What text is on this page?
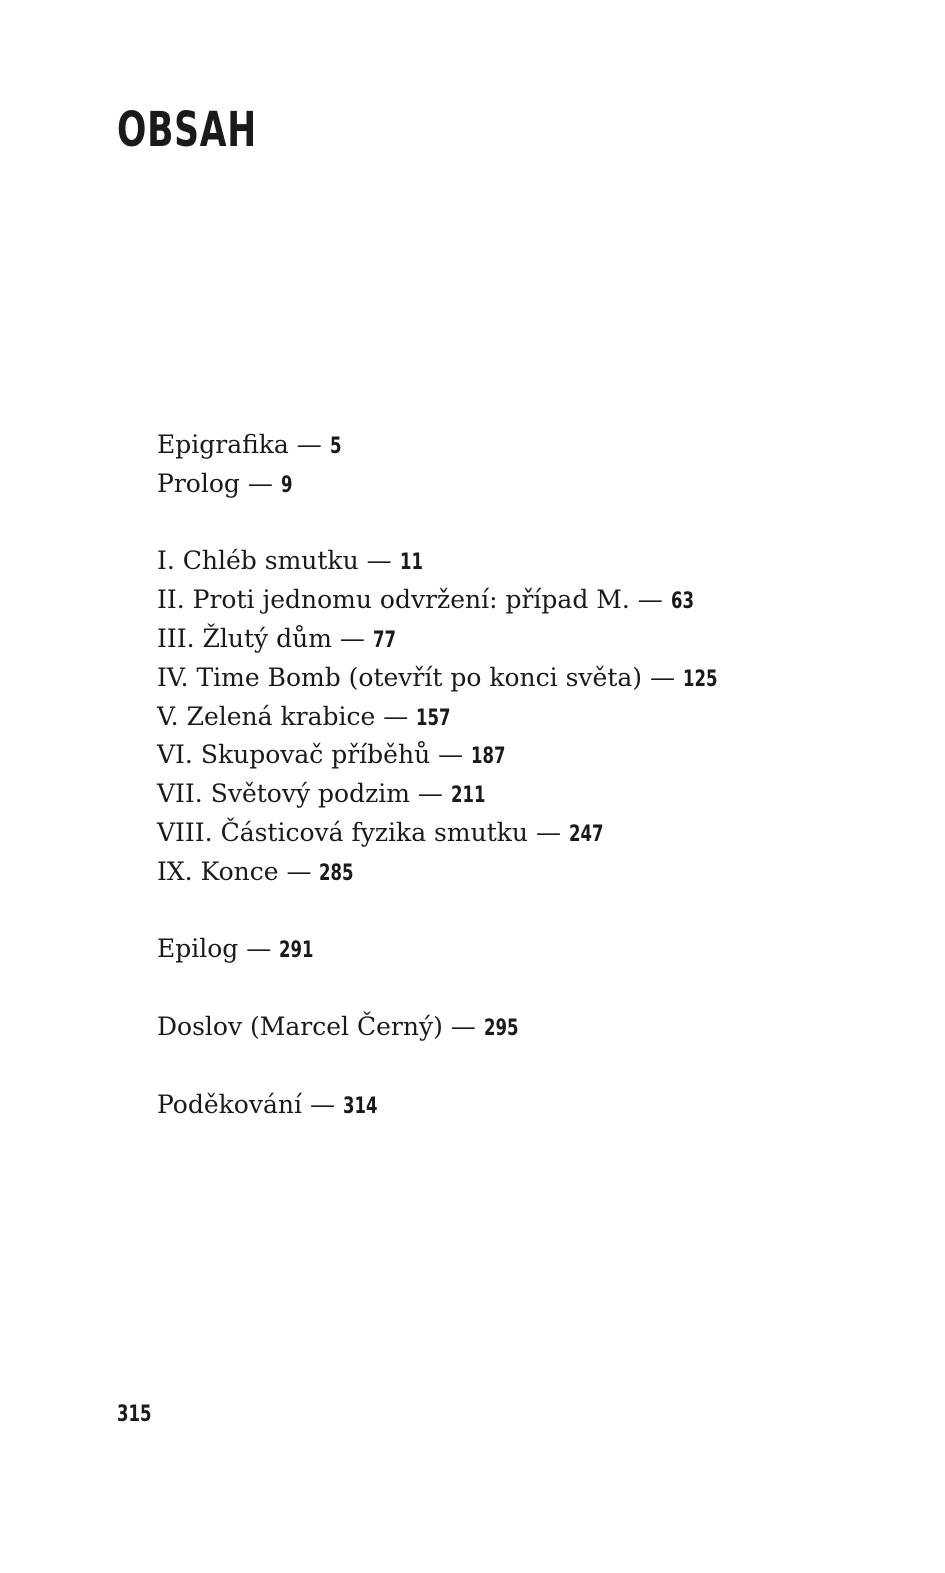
OBSAH
Epigrafika — 5
Prolog — 9
I. Chléb smutku — 11
II. Proti jednomu odvržení: případ M. — 63
III. Žlutý dům — 77
IV. Time Bomb (otevřít po konci světa) — 125
V. Zelená krabice — 157
VI. Skupovač příběhů — 187
VII. Světový podzim — 211
VIII. Částicová fyzika smutku — 247
IX. Konce — 285
Epilog — 291
Doslov (Marcel Černý) — 295
Poděkování — 314
315
